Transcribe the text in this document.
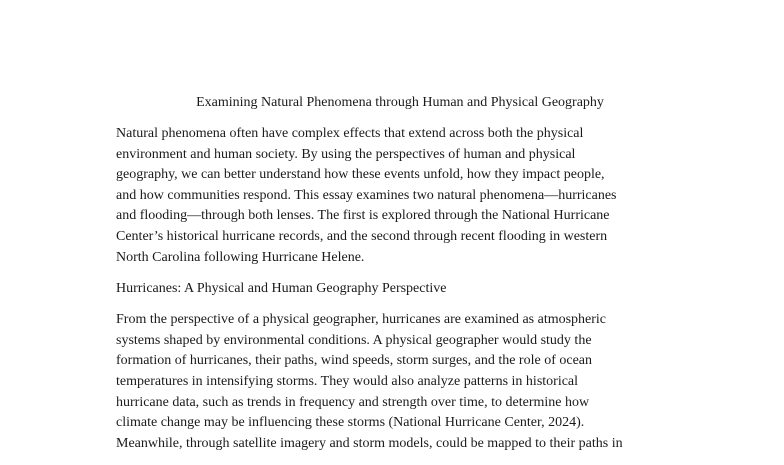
Examining Natural Phenomena through Human and Physical Geography
Natural phenomena often have complex effects that extend across both the physical
environment and human society. By using the perspectives of human and physical
geography, we can better understand how these events unfold, how they impact people,
and how communities respond. This essay examines two natural phenomena—hurricanes
and flooding—through both lenses. The first is explored through the National Hurricane
Center’s historical hurricane records, and the second through recent flooding in western
North Carolina following Hurricane Helene.
Hurricanes: A Physical and Human Geography Perspective
From the perspective of a physical geographer, hurricanes are examined as atmospheric
systems shaped by environmental conditions. A physical geographer would study the
formation of hurricanes, their paths, wind speeds, storm surges, and the role of ocean
temperatures in intensifying storms. They would also analyze patterns in historical
hurricane data, such as trends in frequency and strength over time, to determine how
climate change may be influencing these storms (National Hurricane Center, 2024).
Meanwhile, through satellite imagery and storm models, could be mapped to their paths in
